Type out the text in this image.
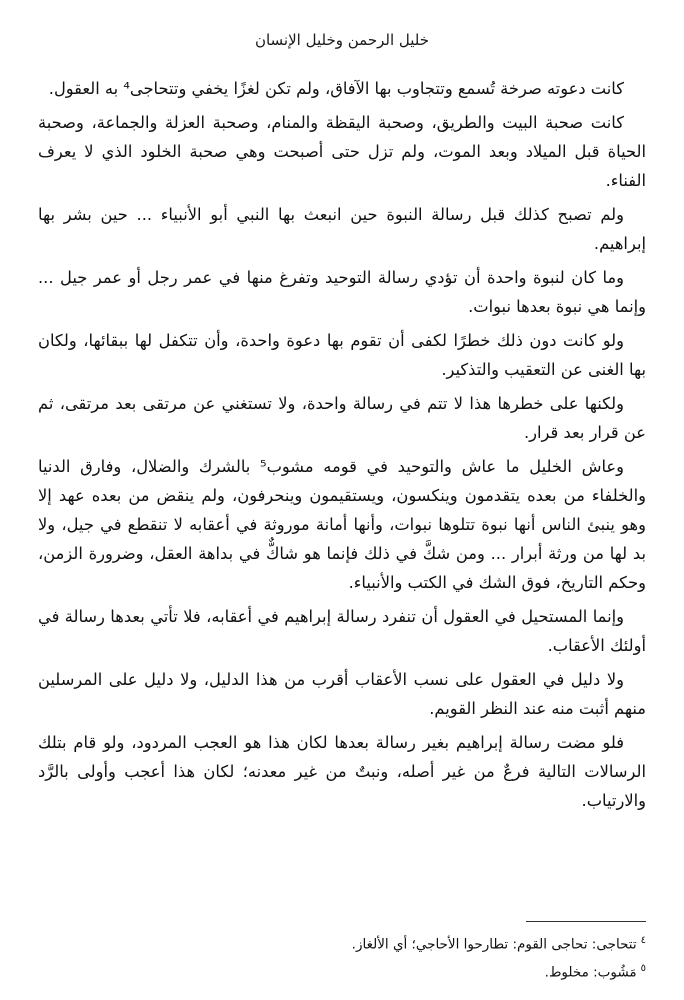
خليل الرحمن وخليل الإنسان

كانت دعوته صرخة تُسمع وتتجاوب بها الآفاق، ولم تكن لغزًا يخفي وتتحاجى⁴ به العقول.

كانت صحبة البيت والطريق، وصحبة اليقظة والمنام، وصحبة العزلة والجماعة، وصحبة الحياة قبل الميلاد وبعد الموت، ولم تزل حتى أصبحت وهي صحبة الخلود الذي لا يعرف الفناء.

ولم تصبح كذلك قبل رسالة النبوة حين انبعث بها النبي أبو الأنبياء ... حين بشر بها إبراهيم.

وما كان لنبوة واحدة أن تؤدي رسالة التوحيد وتفرغ منها في عمر رجل أو عمر جيل ... وإنما هي نبوة بعدها نبوات.

ولو كانت دون ذلك خطرًا لكفى أن تقوم بها دعوة واحدة، وأن تتكفل لها ببقائها، ولكان بها الغنى عن التعقيب والتذكير.

ولكنها على خطرها هذا لا تتم في رسالة واحدة، ولا تستغني عن مرتقى بعد مرتقى، ثم عن قرار بعد قرار.

وعاش الخليل ما عاش والتوحيد في قومه مشوب⁵ بالشرك والضلال، وفارق الدنيا والخلفاء من بعده يتقدمون وينكسون، ويستقيمون وينحرفون، ولم ينقض من بعده عهد إلا وهو ينبئ الناس أنها نبوة تتلوها نبوات، وأنها أمانة موروثة في أعقابه لا تنقطع في جيل، ولا بد لها من ورثة أبرار ... ومن شكَّ في ذلك فإنما هو شاكٌّ في بداهة العقل، وضرورة الزمن، وحكم التاريخ، فوق الشك في الكتب والأنبياء.

وإنما المستحيل في العقول أن تنفرد رسالة إبراهيم في أعقابه، فلا تأتي بعدها رسالة في أولئك الأعقاب.

ولا دليل في العقول على نسب الأعقاب أقرب من هذا الدليل، ولا دليل على المرسلين منهم أثبت منه عند النظر القويم.

فلو مضت رسالة إبراهيم بغير رسالة بعدها لكان هذا هو العجب المردود، ولو قام بتلك الرسالات التالية فرعٌ من غير أصله، ونبتٌ من غير معدنه؛ لكان هذا أعجب وأولى بالرَّد والارتياب.

$^٤$تتحاجى: تحاجى القوم: تطارحوا الأحاجي؛ أي الألغاز.

$^٥$مَشُوب: مخلوط.
